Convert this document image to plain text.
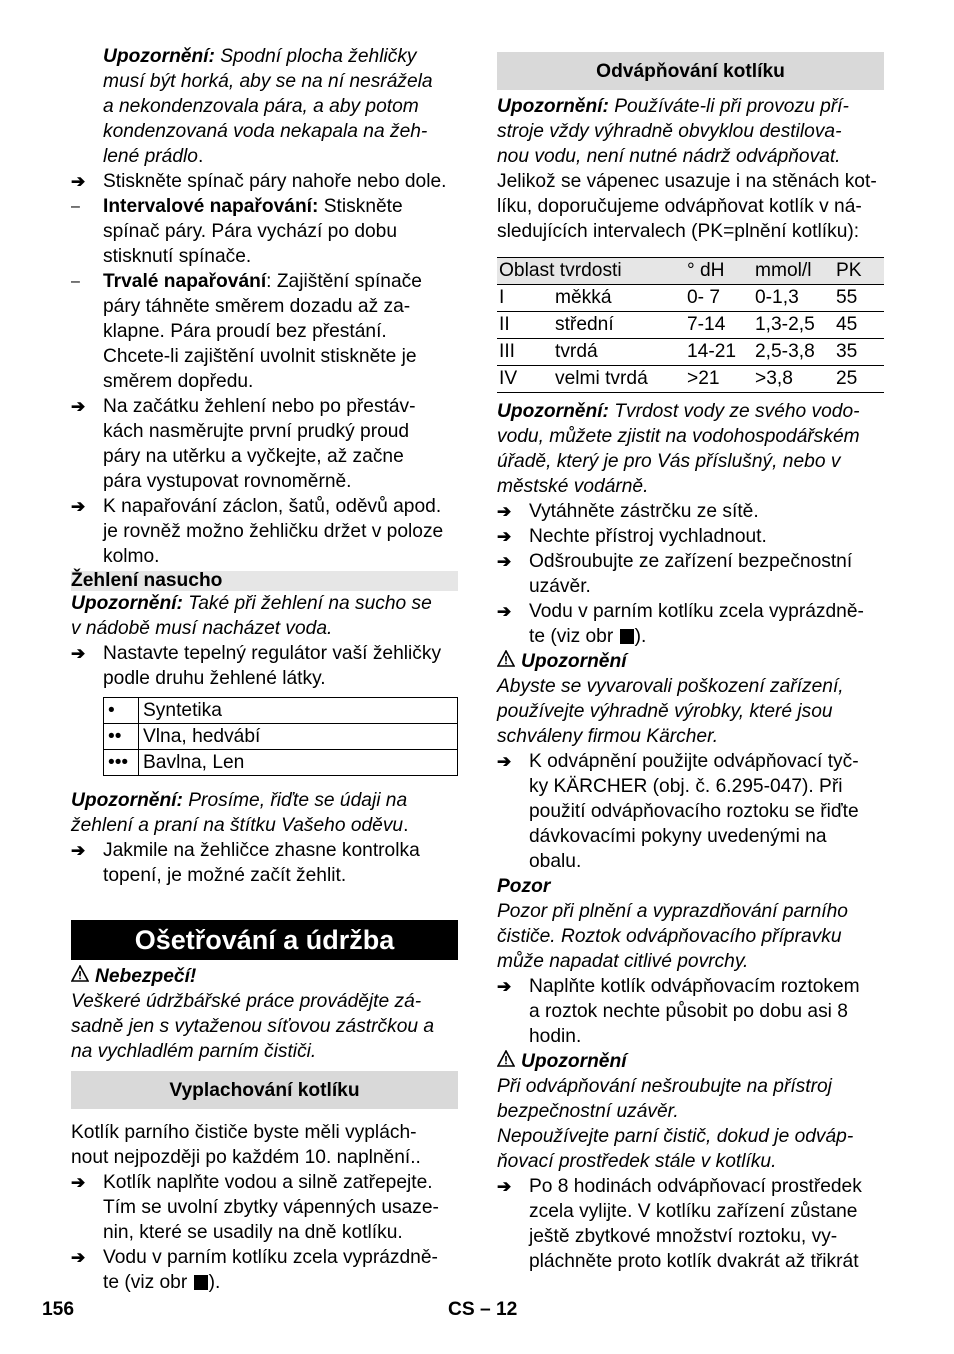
Upozornění: Spodní plocha žehličky
musí být horká, aby se na ní nesrážela
a nekondenzovala pára, a aby potom
kondenzovaná voda nekapala na žeh-
lené prádlo.

➔ Stiskněte spínač páry nahoře nebo dole.
–	Intervalové napařování: Stiskněte
spínač páry. Pára vychází po dobu
stisknutí spínače.
–	Trvalé napařování: Zajištění spínače
páry táhněte směrem dozadu až za-
klapne. Pára proudí bez přestání.
Chcete-li zajištění uvolnit stiskněte je
směrem dopředu.
➔ Na začátku žehlení nebo po přestáv-
kách nasměrujte první prudký proud
páry na utěrku a vyčkejte, až začne
pára vystupovat rovnoměrně.
➔ K napařování záclon, šatů, oděvů apod.
je rovněž možno žehličku držet v poloze
kolmo.
Žehlení nasucho

Upozornění: Také při žehlení na sucho se
v nádobě musí nacházet voda.

➔ Nastavte tepelný regulátor vaší žehličky
podle druhu žehlené látky.
•	Syntetika
••	Vlna, hedvábí
•••	Bavlna, Len

Upozornění: Prosíme, řiďte se údaji na
žehlení a praní na štítku Vašeho oděvu.

➔ Jakmile na žehličce zhasne kontrolka
topení, je možné začít žehlit.
Ošetřování a údržba

Nebezpečí!

Veškeré údržbářské práce provádějte zá-
sadně jen s vytaženou síťovou zástrčkou a
na vychladlém parním čističi.

Vyplachování kotlíku

Kotlík parního čističe byste měli vyplách-
nout nejpozději po každém 10. naplnění..

➔ Kotlík naplňte vodou a silně zatřepejte.
Tím se uvolní zbytky vápenných usaze-
nin, které se usadily na dně kotlíku.
➔ Vodu v parním kotlíku zcela vyprázdně-
te (viz obr ).
Odvápňování kotlíku

Upozornění: Používáte-li při provozu pří-
stroje vždy výhradně obvyklou destilova-
nou vodu, není nutné nádrž odvápňovat.

Jelikož se vápenec usazuje i na stěnách kot-
líku, doporučujeme odvápňovat kotlík v ná-
sledujících intervalech (PK=plnění kotlíku):

Oblast tvrdosti		° dH	mmol/l	PK
I	měkká	0- 7	0-1,3	55
II	střední	7-14	1,3-2,5	45
III	tvrdá	14-21	2,5-3,8	35
IV	velmi tvrdá	>21	>3,8	25

Upozornění: Tvrdost vody ze svého vodo-
vodu, můžete zjistit na vodohospodářském
úřadě, který je pro Vás příslušný, nebo v
městské vodárně.

➔ Vytáhněte zástrčku ze sítě.
➔ Nechte přístroj vychladnout.
➔ Odšroubujte ze zařízení bezpečnostní
uzávěr.
➔ Vodu v parním kotlíku zcela vyprázdně-
te (viz obr ).

Upozornění

Abyste se vyvarovali poškození zařízení,
používejte výhradně výrobky, které jsou
schváleny firmou Kärcher.

➔ K odvápnění použijte odvápňovací tyč-
ky KÄRCHER (obj. č. 6.295-047). Při
použití odvápňovacího roztoku se řiďte
dávkovacími pokyny uvedenými na
obalu.

Pozor

Pozor při plnění a vyprazdňování parního
čističe. Roztok odvápňovacího přípravku
může napadat citlivé povrchy.

➔ Naplňte kotlík odvápňovacím roztokem
a roztok nechte působit po dobu asi 8
hodin.

Upozornění

Při odvápňování nešroubujte na přístroj
bezpečnostní uzávěr.
Nepoužívejte parní čistič, dokud je odváp-
ňovací prostředek stále v kotlíku.

➔ Po 8 hodinách odvápňovací prostředek
zcela vylijte. V kotlíku zařízení zůstane
ještě zbytkové množství roztoku, vy-
pláchněte proto kotlík dvakrát až třikrát
156	CS – 12
